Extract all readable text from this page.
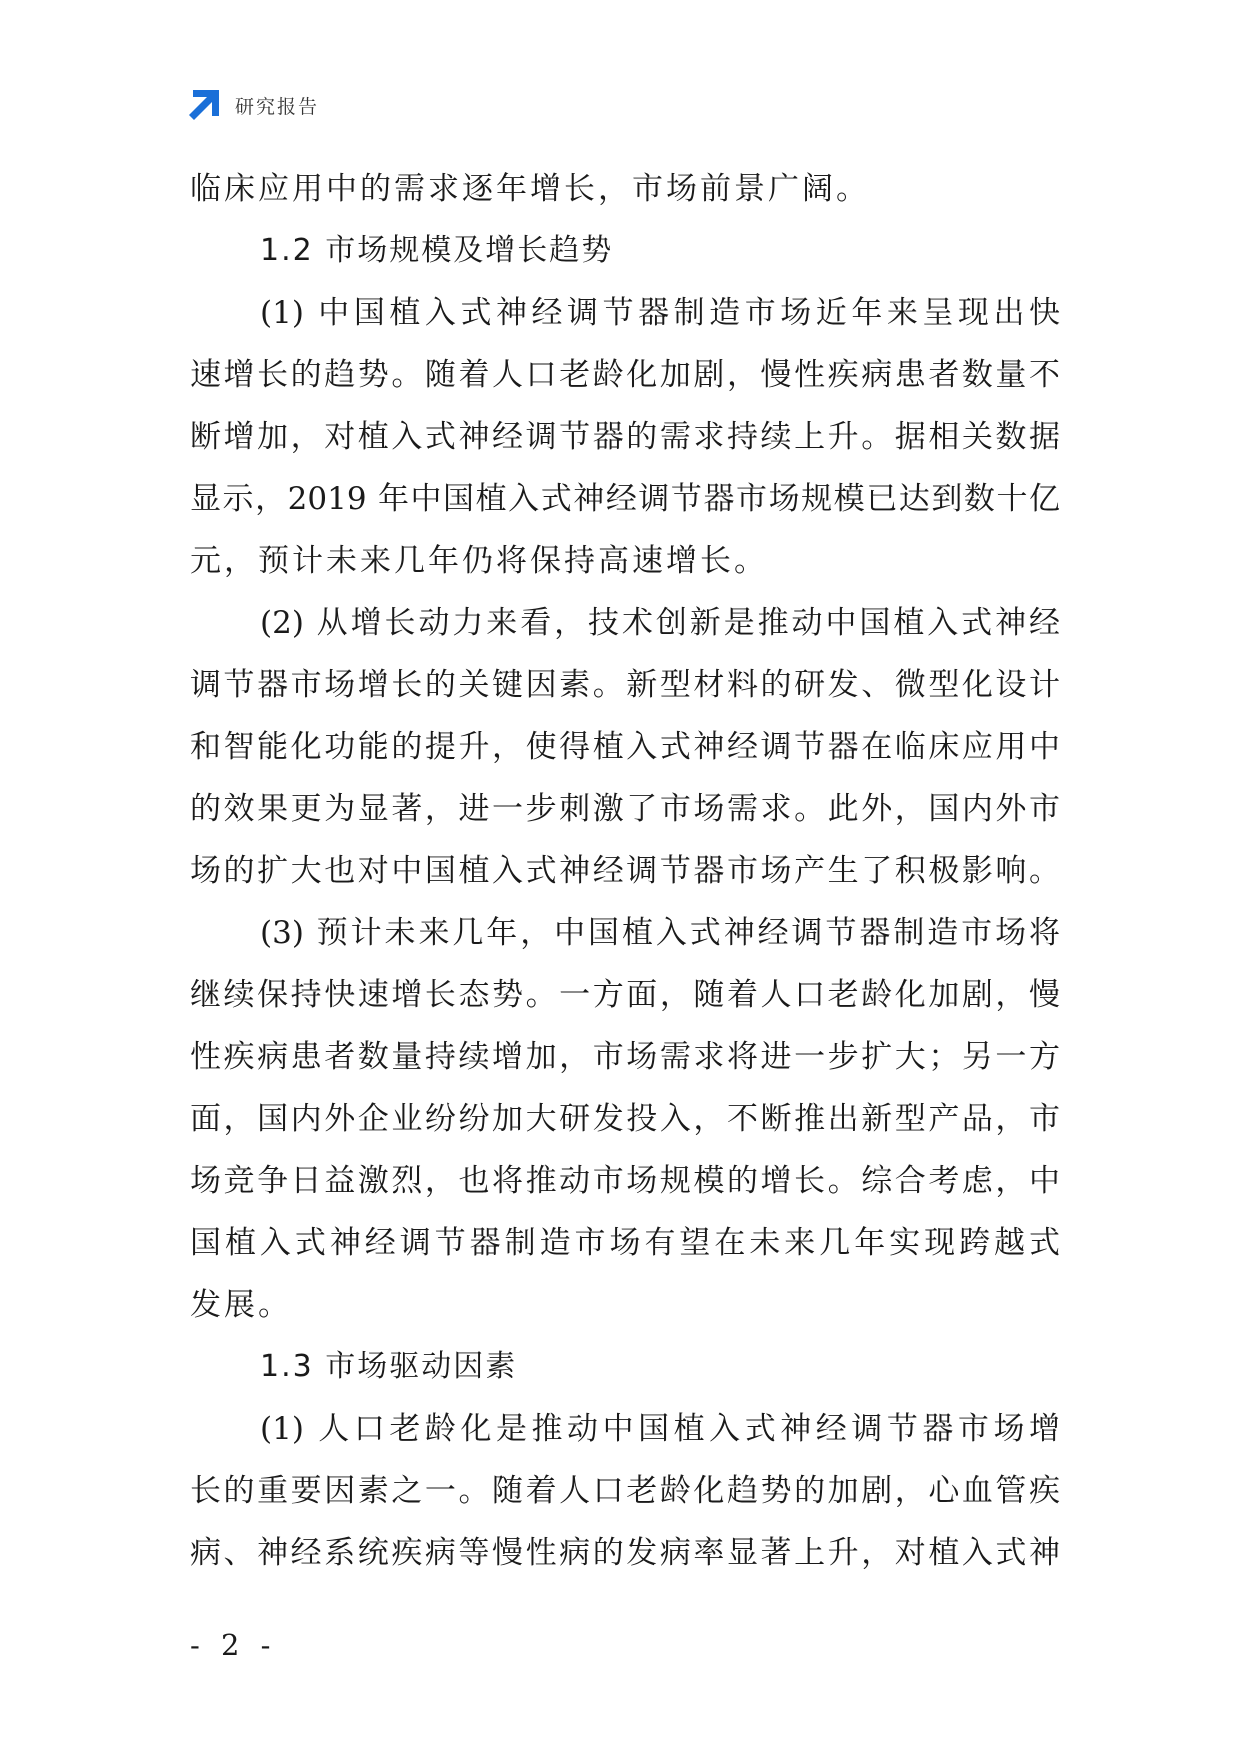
研究报告
临床应用中的需求逐年增长，市场前景广阔。
1.2 市场规模及增长趋势
(1) 中国植入式神经调节器制造市场近年来呈现出快
速增长的趋势。随着人口老龄化加剧，慢性疾病患者数量不
断增加，对植入式神经调节器的需求持续上升。据相关数据
显示，2019 年中国植入式神经调节器市场规模已达到数十亿
元，预计未来几年仍将保持高速增长。
(2) 从增长动力来看，技术创新是推动中国植入式神经
调节器市场增长的关键因素。新型材料的研发、微型化设计
和智能化功能的提升，使得植入式神经调节器在临床应用中
的效果更为显著，进一步刺激了市场需求。此外，国内外市
场的扩大也对中国植入式神经调节器市场产生了积极影响。
(3) 预计未来几年，中国植入式神经调节器制造市场将
继续保持快速增长态势。一方面，随着人口老龄化加剧，慢
性疾病患者数量持续增加，市场需求将进一步扩大；另一方
面，国内外企业纷纷加大研发投入，不断推出新型产品，市
场竞争日益激烈，也将推动市场规模的增长。综合考虑，中
国植入式神经调节器制造市场有望在未来几年实现跨越式
发展。
1.3 市场驱动因素
(1) 人口老龄化是推动中国植入式神经调节器市场增
长的重要因素之一。随着人口老龄化趋势的加剧，心血管疾
病、神经系统疾病等慢性病的发病率显著上升，对植入式神
- 2 -
